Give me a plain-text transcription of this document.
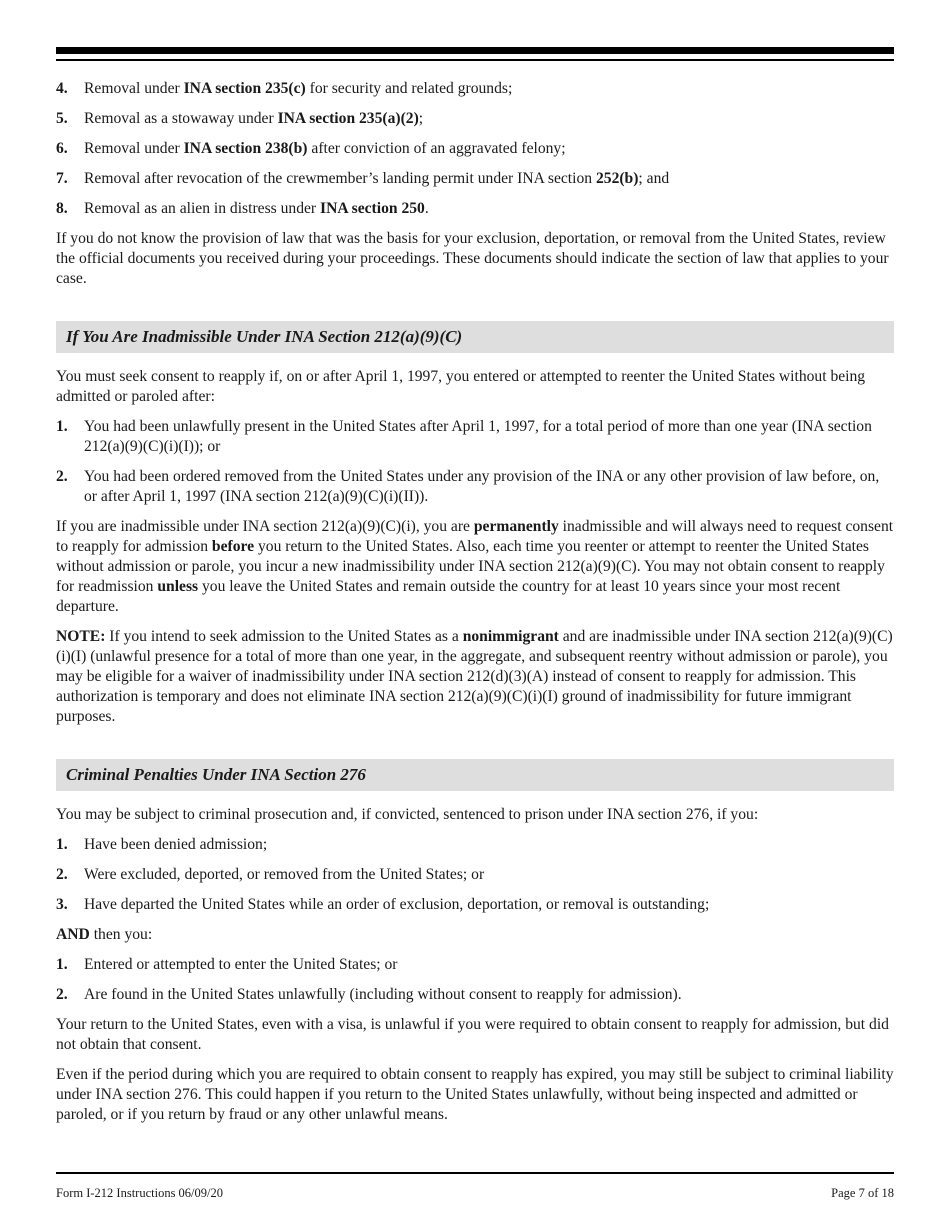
4. Removal under INA section 235(c) for security and related grounds;
5. Removal as a stowaway under INA section 235(a)(2);
6. Removal under INA section 238(b) after conviction of an aggravated felony;
7. Removal after revocation of the crewmember’s landing permit under INA section 252(b); and
8. Removal as an alien in distress under INA section 250.

If you do not know the provision of law that was the basis for your exclusion, deportation, or removal from the United States, review the official documents you received during your proceedings. These documents should indicate the section of law that applies to your case.

If You Are Inadmissible Under INA Section 212(a)(9)(C)

You must seek consent to reapply if, on or after April 1, 1997, you entered or attempted to reenter the United States without being admitted or paroled after:

1. You had been unlawfully present in the United States after April 1, 1997, for a total period of more than one year (INA section 212(a)(9)(C)(i)(I)); or
2. You had been ordered removed from the United States under any provision of the INA or any other provision of law before, on, or after April 1, 1997 (INA section 212(a)(9)(C)(i)(II)).

If you are inadmissible under INA section 212(a)(9)(C)(i), you are permanently inadmissible and will always need to request consent to reapply for admission before you return to the United States. Also, each time you reenter or attempt to reenter the United States without admission or parole, you incur a new inadmissibility under INA section 212(a)(9)(C). You may not obtain consent to reapply for readmission unless you leave the United States and remain outside the country for at least 10 years since your most recent departure.

NOTE: If you intend to seek admission to the United States as a nonimmigrant and are inadmissible under INA section 212(a)(9)(C)(i)(I) (unlawful presence for a total of more than one year, in the aggregate, and subsequent reentry without admission or parole), you may be eligible for a waiver of inadmissibility under INA section 212(d)(3)(A) instead of consent to reapply for admission. This authorization is temporary and does not eliminate INA section 212(a)(9)(C)(i)(I) ground of inadmissibility for future immigrant purposes.

Criminal Penalties Under INA Section 276

You may be subject to criminal prosecution and, if convicted, sentenced to prison under INA section 276, if you:

1. Have been denied admission;
2. Were excluded, deported, or removed from the United States; or
3. Have departed the United States while an order of exclusion, deportation, or removal is outstanding;

AND then you:

1. Entered or attempted to enter the United States; or
2. Are found in the United States unlawfully (including without consent to reapply for admission).

Your return to the United States, even with a visa, is unlawful if you were required to obtain consent to reapply for admission, but did not obtain that consent.

Even if the period during which you are required to obtain consent to reapply has expired, you may still be subject to criminal liability under INA section 276. This could happen if you return to the United States unlawfully, without being inspected and admitted or paroled, or if you return by fraud or any other unlawful means.

Form I-212 Instructions 06/09/20	Page 7 of 18
